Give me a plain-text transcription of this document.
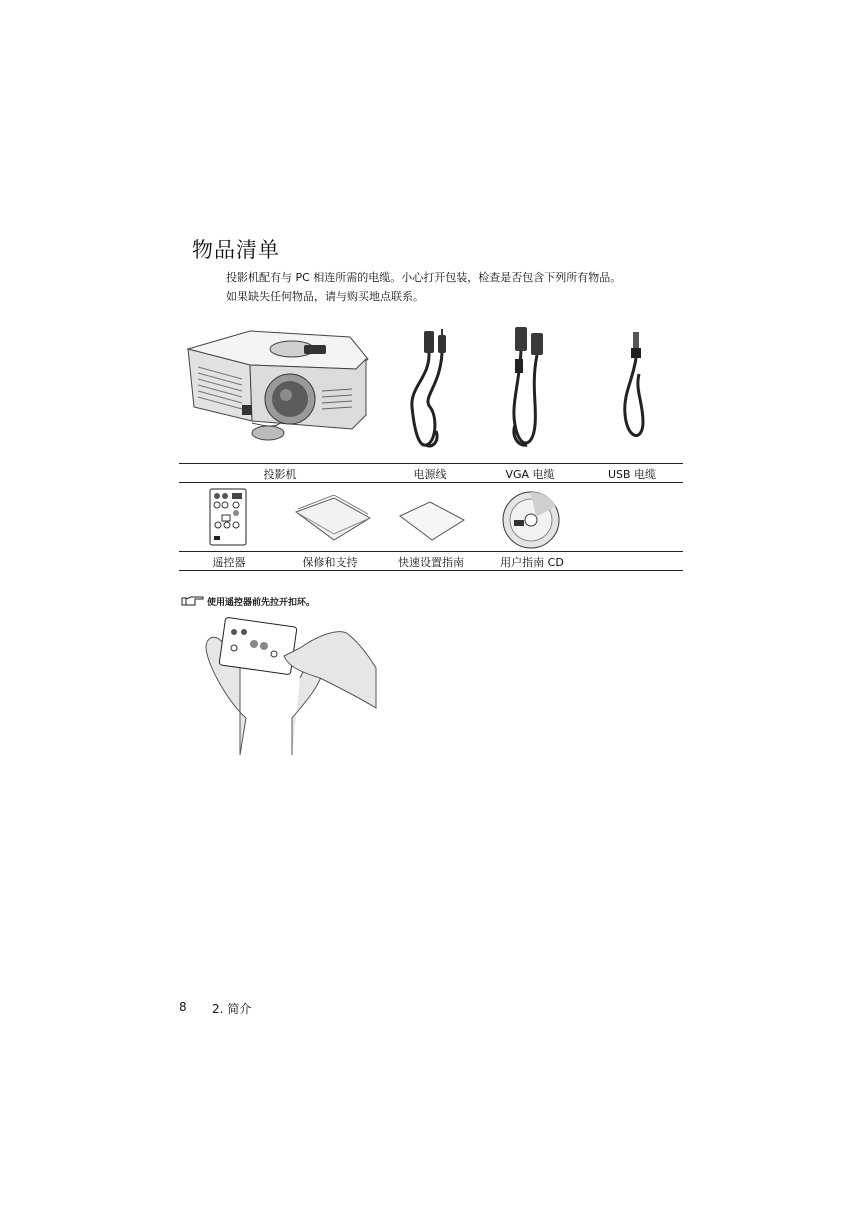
物品清单
投影机配有与 PC 相连所需的电缆。小心打开包装，检查是否包含下列所有物品。
如果缺失任何物品，请与购买地点联系。
投影机	电源线	VGA 电缆	USB 电缆
遥控器	保修和支持	快速设置指南	用户指南 CD
使用遥控器前先拉开扣环。
8 2. 简介
